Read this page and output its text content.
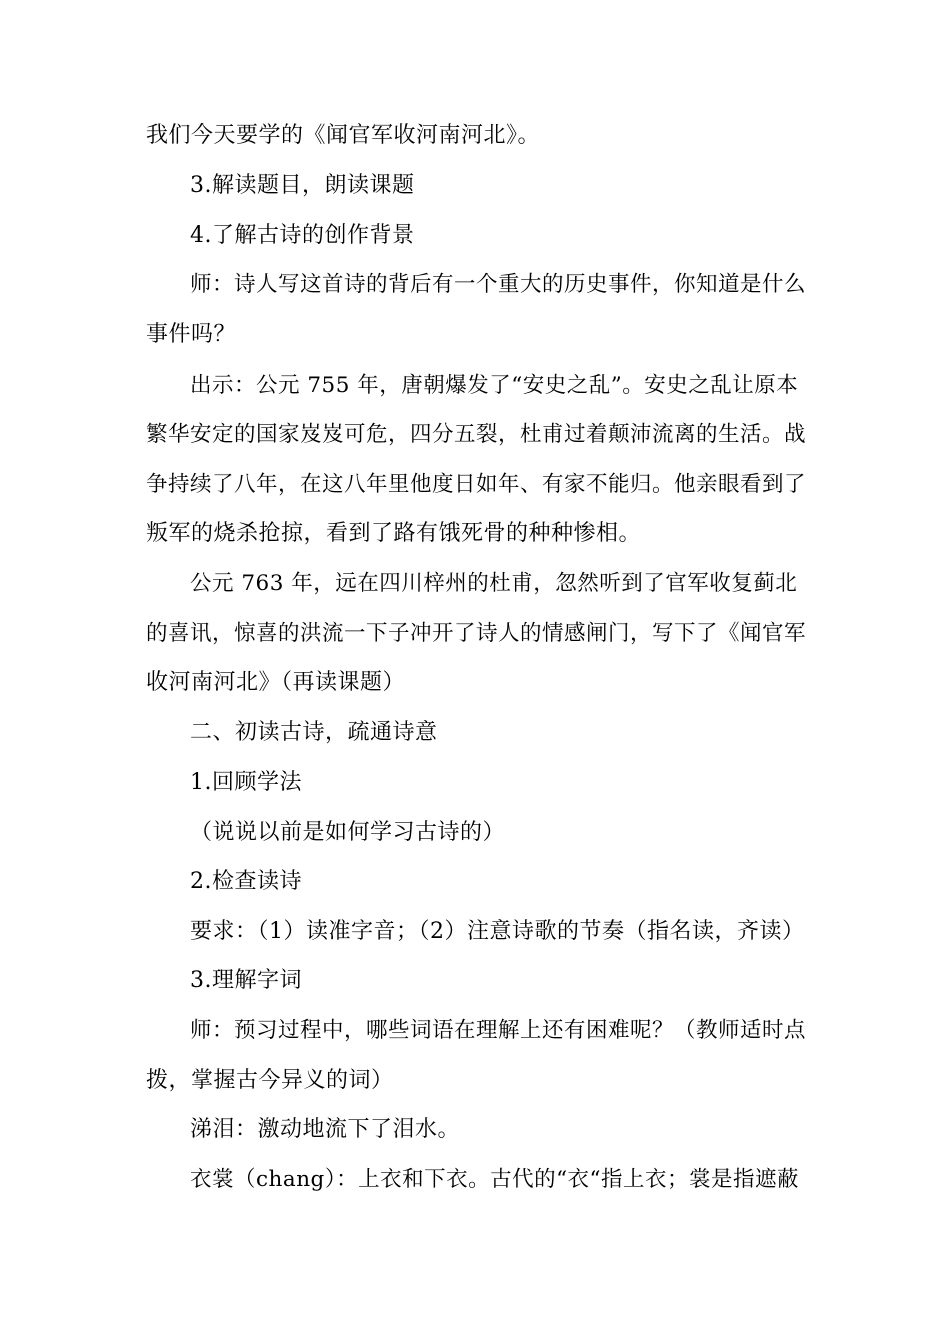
我们今天要学的《闻官军收河南河北》。
3.解读题目，朗读课题
4.了解古诗的创作背景
师：诗人写这首诗的背后有一个重大的历史事件，你知道是什么
事件吗？
出示：公元 755 年，唐朝爆发了“安史之乱”。安史之乱让原本
繁华安定的国家岌岌可危，四分五裂，杜甫过着颠沛流离的生活。战
争持续了八年，在这八年里他度日如年、有家不能归。他亲眼看到了
叛军的烧杀抢掠，看到了路有饿死骨的种种惨相。
公元 763 年，远在四川梓州的杜甫，忽然听到了官军收复蓟北
的喜讯，惊喜的洪流一下子冲开了诗人的情感闸门，写下了《闻官军
收河南河北》（再读课题）
二、初读古诗，疏通诗意
1.回顾学法
（说说以前是如何学习古诗的）
2.检查读诗
要求：（1）读准字音；（2）注意诗歌的节奏（指名读，齐读）
3.理解字词
师：预习过程中，哪些词语在理解上还有困难呢？（教师适时点
拨，掌握古今异义的词）
涕泪：激动地流下了泪水。
衣裳（chang）：上衣和下衣。古代的“衣“指上衣；裳是指遮蔽
